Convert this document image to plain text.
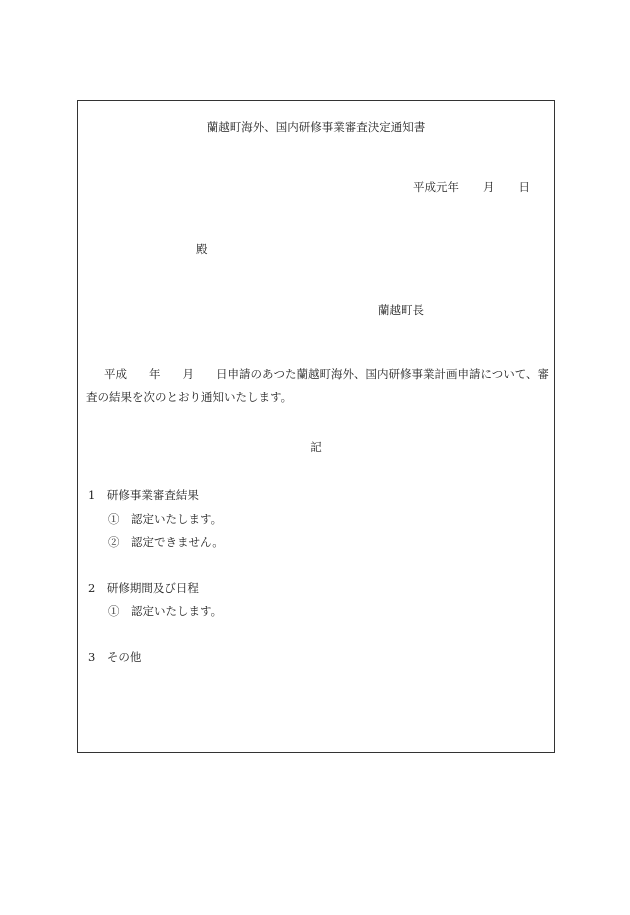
蘭越町海外、国内研修事業審査決定通知書
平成元年 月 日
殿
蘭越町長
平成 年 月 日申請のあつた蘭越町海外、国内研修事業計画申請について、審査の結果を次のとおり通知いたします。
記
1　 研修事業審査結果
①　 認定いたします。
②　 認定できません。
2　 研修期間及び日程
①　 認定いたします。
3　 その他
